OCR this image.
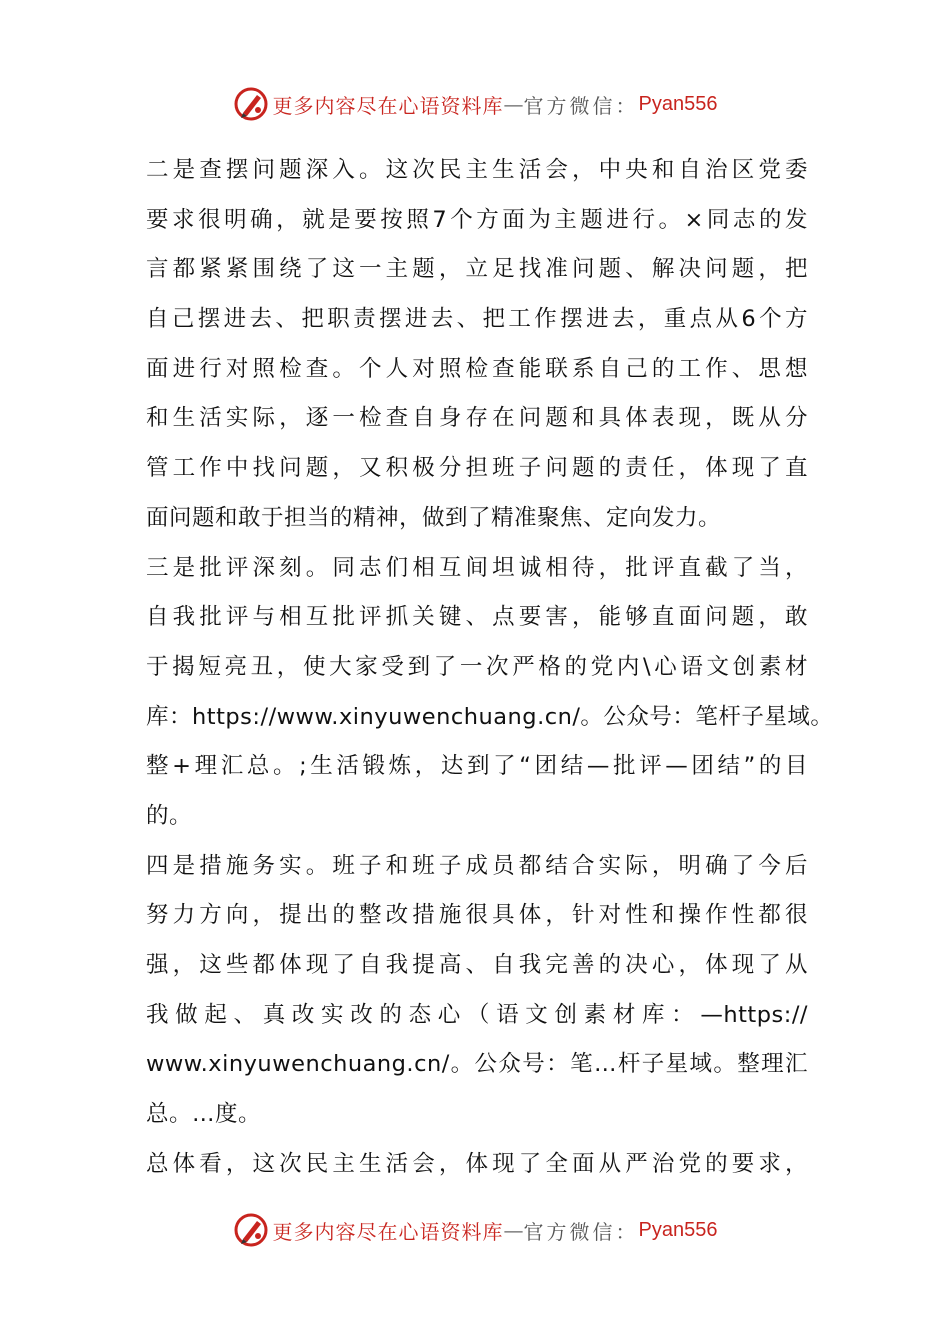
更多内容尽在心语资料库 — 官方微信： Pyan556
二是查摆问题深入。这次民主生活会，中央和自治区党委
要求很明确，就是要按照7个方面为主题进行。×同志的发
言都紧紧围绕了这一主题，立足找准问题、解决问题，把
自己摆进去、把职责摆进去、把工作摆进去，重点从6个方
面进行对照检查。个人对照检查能联系自己的工作、思想
和生活实际，逐一检查自身存在问题和具体表现，既从分
管工作中找问题，又积极分担班子问题的责任，体现了直
面问题和敢于担当的精神，做到了精准聚焦、定向发力。
三是批评深刻。同志们相互间坦诚相待，批评直截了当，
自我批评与相互批评抓关键、点要害，能够直面问题，敢
于揭短亮丑，使大家受到了一次严格的党内\心语文创素材
库：https://www.xinyuwenchuang.cn/。公众号：笔杆子星域。
整+理汇总。;生活锻炼，达到了“团结—批评—团结”的目
的。
四是措施务实。班子和班子成员都结合实际，明确了今后
努力方向，提出的整改措施很具体，针对性和操作性都很
强，这些都体现了自我提高、自我完善的决心，体现了从
我做起、真改实改的态心（语文创素材库：—https://
www.xinyuwenchuang.cn/。公众号：笔…杆子星域。整理汇
总。…度。
总体看，这次民主生活会，体现了全面从严治党的要求，
更多内容尽在心语资料库 — 官方微信： Pyan556
